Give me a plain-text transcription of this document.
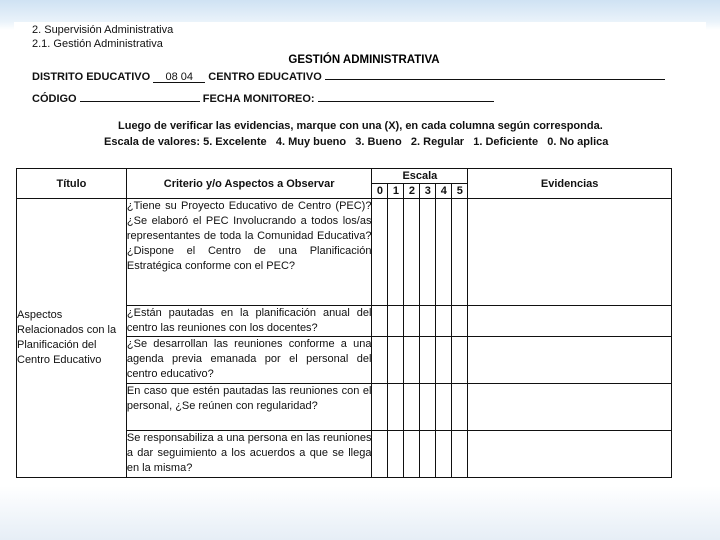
2. Supervisión Administrativa
2.1. Gestión Administrativa
GESTIÓN ADMINISTRATIVA
DISTRITO EDUCATIVO 08 04 CENTRO EDUCATIVO
CÓDIGO	FECHA MONITOREO:
Luego de verificar las evidencias, marque con una (X), en cada columna según corresponda.
Escala de valores: 5. Excelente   4. Muy bueno   3. Bueno   2. Regular   1. Deficiente   0. No aplica
Título	Criterio y/o Aspectos a Observar	Escala						Evidencias
		0	1	2	3	4	5	
Aspectos Relacionados con la Planificación del Centro Educativo	¿Tiene su Proyecto Educativo de Centro (PEC)? ¿Se elaboró el PEC Involucrando a todos los/as representantes de toda la Comunidad Educativa? ¿Dispone el Centro de una Planificación Estratégica conforme con el PEC?							
	¿Están pautadas en la planificación anual del centro las reuniones con los docentes?							
	¿Se desarrollan las reuniones conforme a una agenda previa emanada por el personal del centro educativo?							
	En caso que estén pautadas las reuniones con el personal, ¿Se reúnen con regularidad?							
	Se responsabiliza a una persona en las reuniones a dar seguimiento a los acuerdos a que se llega en la misma?							
